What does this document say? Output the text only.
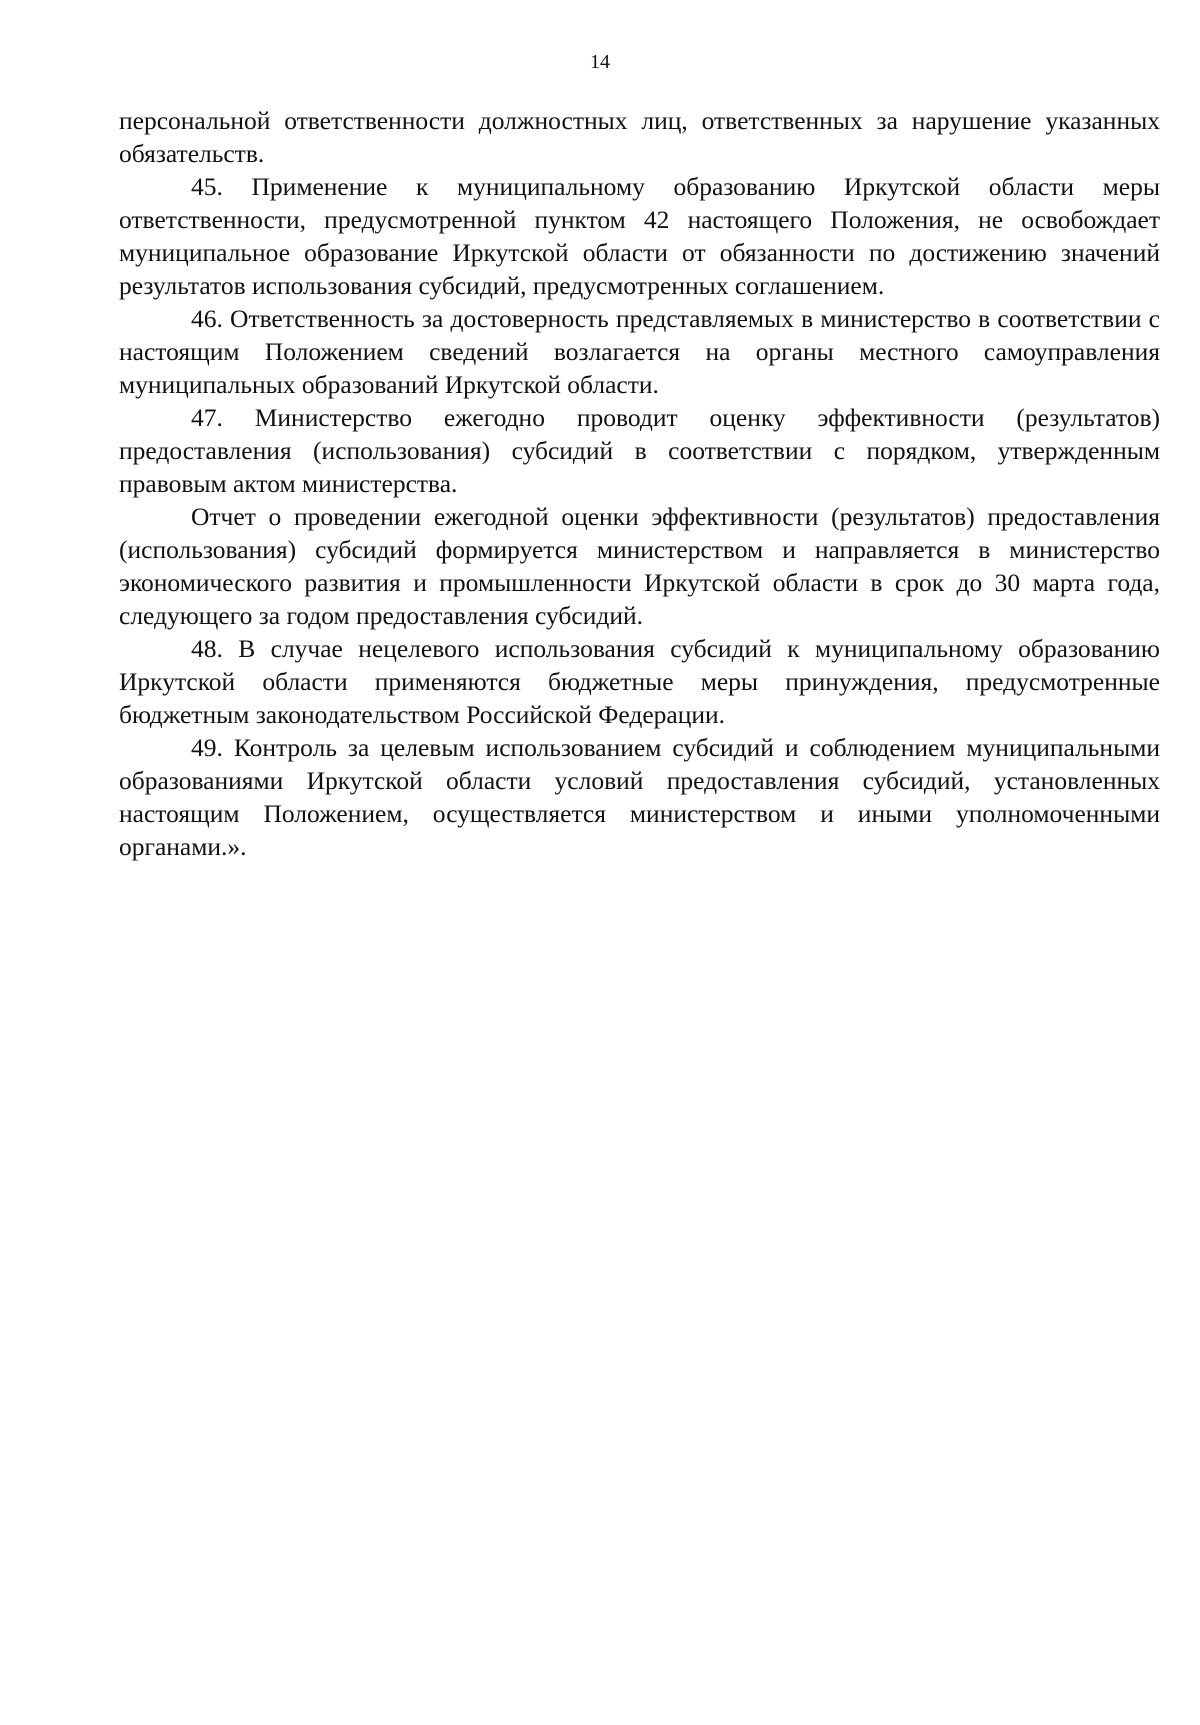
14

персональной ответственности должностных лиц, ответственных за нарушение указанных обязательств.

45. Применение к муниципальному образованию Иркутской области меры ответственности, предусмотренной пунктом 42 настоящего Положения, не освобождает муниципальное образование Иркутской области от обязанности по достижению значений результатов использования субсидий, предусмотренных соглашением.

46. Ответственность за достоверность представляемых в министерство в соответствии с настоящим Положением сведений возлагается на органы местного самоуправления муниципальных образований Иркутской области.

47. Министерство ежегодно проводит оценку эффективности (результатов) предоставления (использования) субсидий в соответствии с порядком, утвержденным правовым актом министерства.

Отчет о проведении ежегодной оценки эффективности (результатов) предоставления (использования) субсидий формируется министерством и направляется в министерство экономического развития и промышленности Иркутской области в срок до 30 марта года, следующего за годом предоставления субсидий.

48. В случае нецелевого использования субсидий к муниципальному образованию Иркутской области применяются бюджетные меры принуждения, предусмотренные бюджетным законодательством Российской Федерации.

49. Контроль за целевым использованием субсидий и соблюдением муниципальными образованиями Иркутской области условий предоставления субсидий, установленных настоящим Положением, осуществляется министерством и иными уполномоченными органами.».
